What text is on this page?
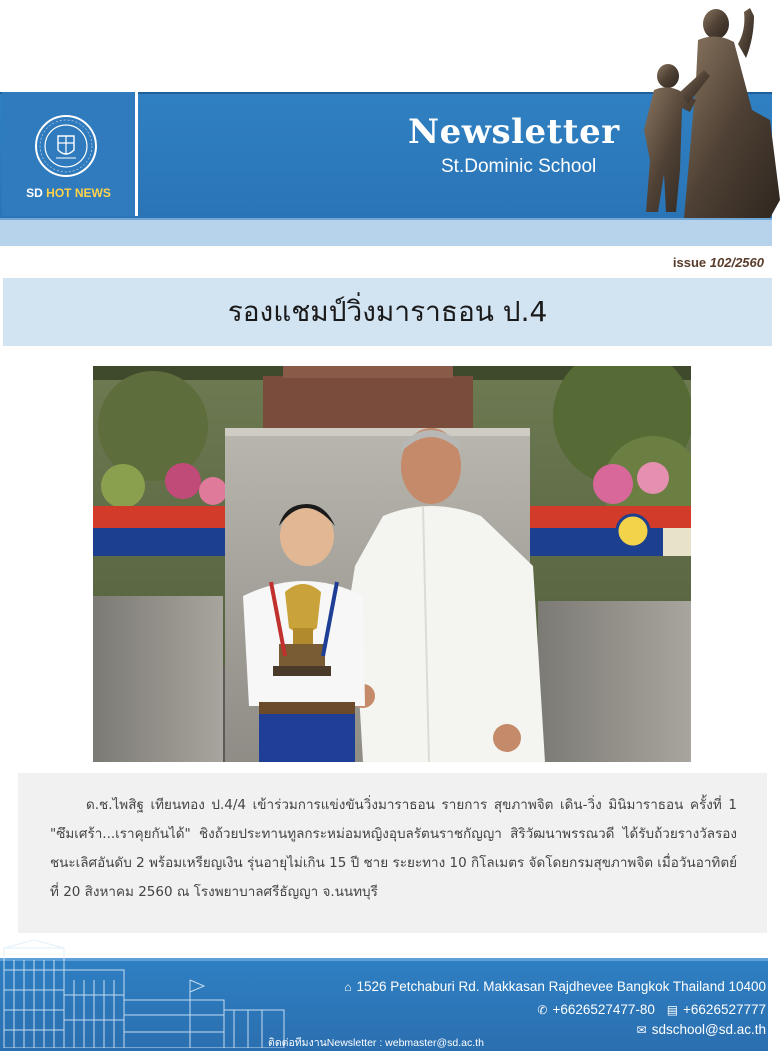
SD HOT NEWS
Newsletter
St.Dominic School
issue 102/2560
รองแชมป์วิ่งมาราธอน ป.4

ด.ช.ไพสิฐ เทียนทอง ป.4/4 เข้าร่วมการแข่งขันวิ่งมาราธอน รายการ สุขภาพจิต เดิน-วิ่ง มินิมาราธอน ครั้งที่ 1 "ซึมเศร้า...เราคุยกันได้" ชิงถ้วยประทานทูลกระหม่อมหญิงอุบลรัตนราชกัญญา สิริวัฒนาพรรณวดี ได้รับถ้วยรางวัลรองชนะเลิศอันดับ 2 พร้อมเหรียญเงิน รุ่นอายุไม่เกิน 15 ปี ชาย ระยะทาง 10 กิโลเมตร จัดโดยกรมสุขภาพจิต เมื่อวันอาทิตย์ที่ 20 สิงหาคม 2560 ณ โรงพยาบาลศรีธัญญา จ.นนทบุรี

⌂ 1526 Petchaburi Rd. Makkasan Rajdhevee Bangkok Thailand 10400
✆ +6626527477-80 ▤ +6626527777
✉ sdschool@sd.ac.th
ติดต่อทีมงานNewsletter : webmaster@sd.ac.th
